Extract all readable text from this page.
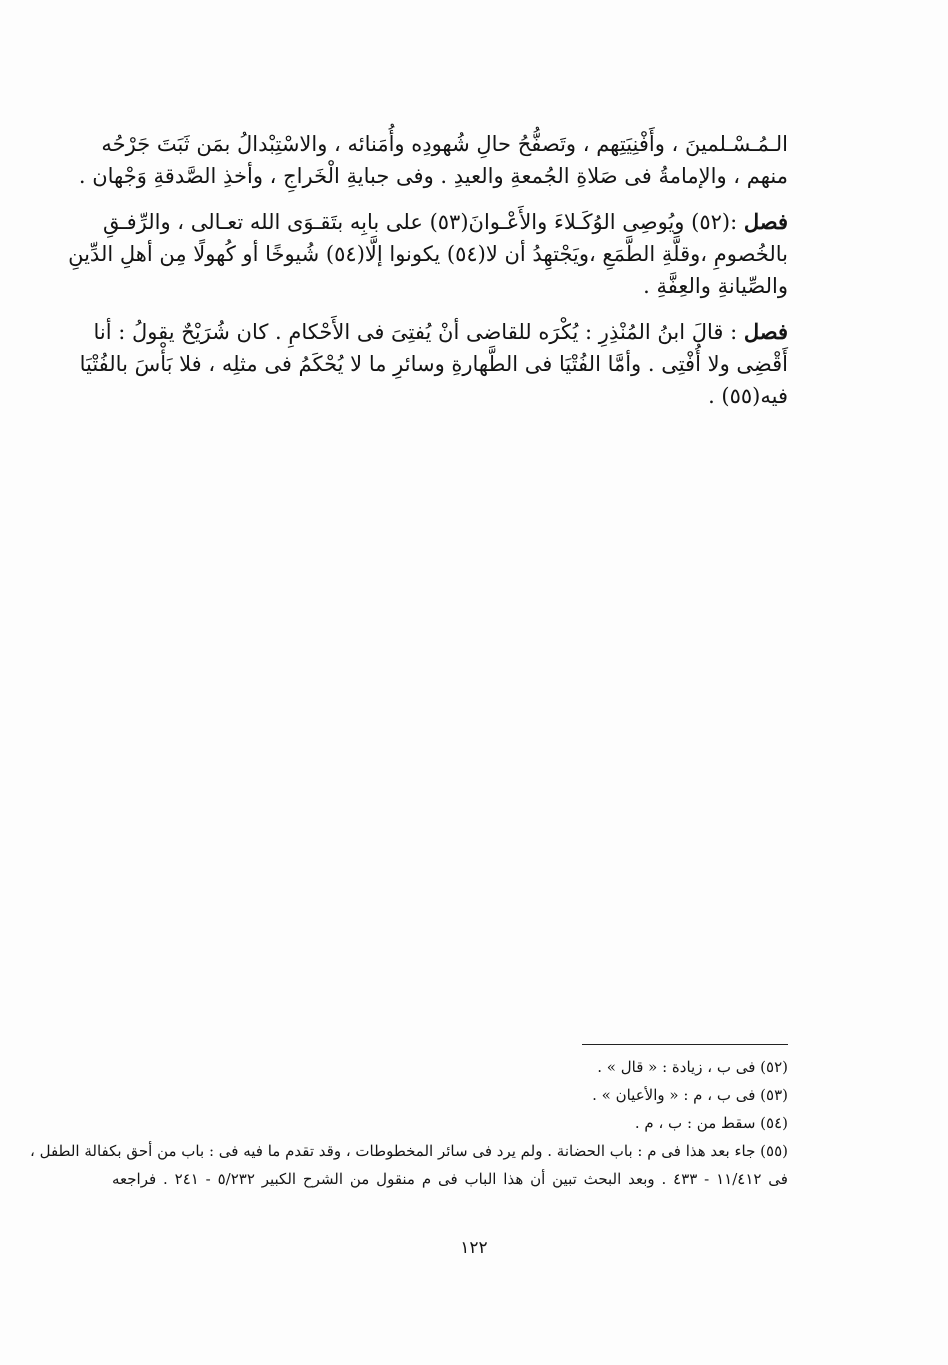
الـمُـسْـلمينَ ، وأَفْنِيَتِهم ، وتَصفُّحُ حالِ شُهودِه وأُمَنائه ، والاسْتِبْدالُ بمَن ثَبَتَ جَرْحُه
منهم ، والإمامةُ فى صَلاةِ الجُمعةِ والعيدِ . وفى جبايةِ الْخَراجِ ، وأخذِ الصَّدقةِ وَجْهان .
فصل :(٥٢) ويُوصِى الوُكَـلاءَ والأَعْـوانَ(٥٣) على بابِه بتَقـوَى الله تعـالى ، والرِّفـقِ
بالخُصومِ ،وقلَّةِ الطَّمَعِ ،ويَجْتهِدُ أن لا(٥٤) يكونوا إلَّا(٥٤) شُيوخًا أو كُهولًا مِن أهلِ الدِّينِ
والصِّيانةِ والعِفَّةِ .
فصل : قالَ ابنُ المُنْذِرِ : يُكْرَه للقاضى أنْ يُفتِىَ فى الأَحْكامِ . كان شُرَيْحٌ يقولُ : أنا
أَقْضِى ولا أُفْتِى . وأمَّا الفُتْيَا فى الطَّهارةِ وسائرِ ما لا يُحْكَمُ فى مثلِه ، فلا بَأْسَ بالفُتْيَا
فيه(٥٥) .
(٥٢) فى ب ، زيادة : « قال » .
(٥٣) فى ب ، م : « والأعيان » .
(٥٤) سقط من : ب ، م .
(٥٥) جاء بعد هذا فى م : باب الحضانة . ولم يرد فى سائر المخطوطات ، وقد تقدم ما فيه فى : باب من أحق بكفالة الطفل ،
فى ١١/٤١٢ - ٤٣٣ . وبعد البحث تبين أن هذا الباب فى م منقول من الشرح الكبير ٥/٢٣٢ - ٢٤١ . فراجعه
١٢٢
